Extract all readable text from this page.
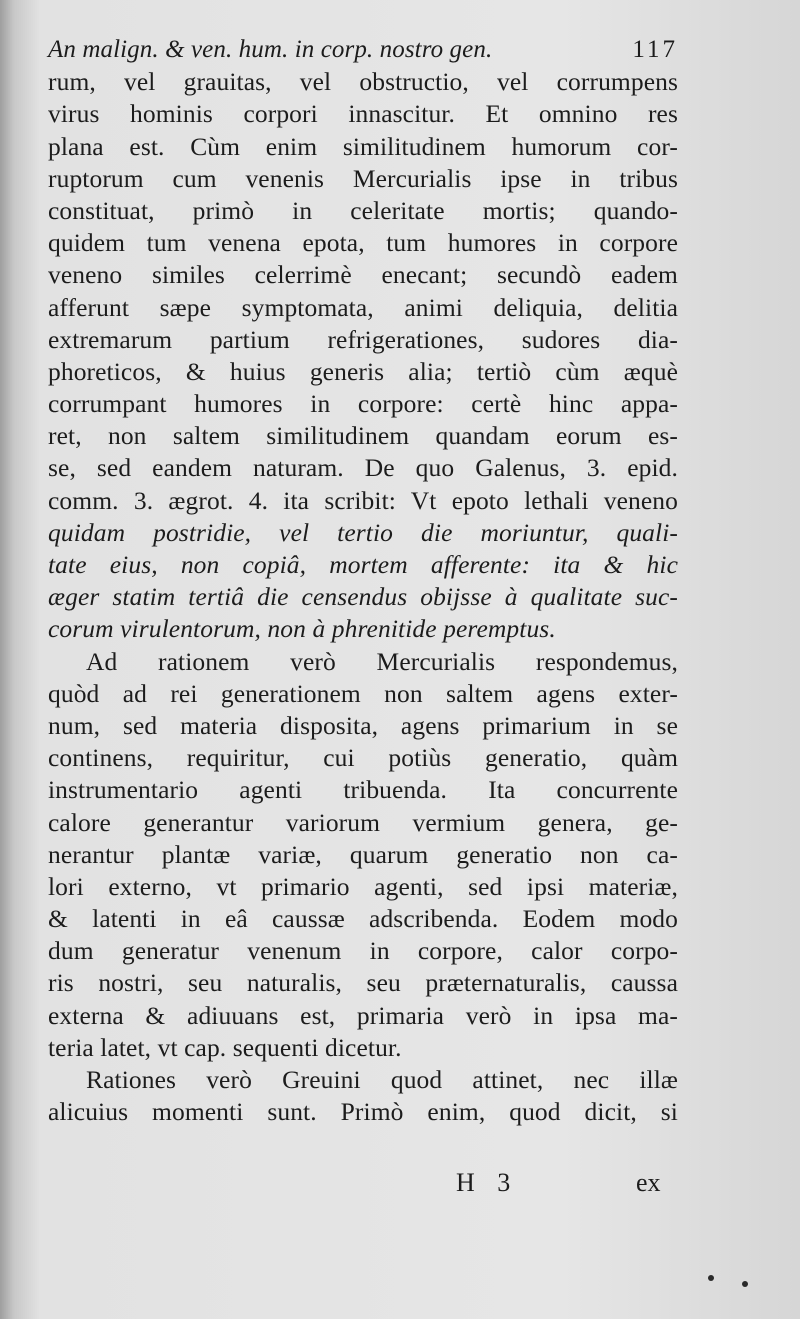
An malign. & ven. hum. in corp. nostro gen.	117
rum, vel grauitas, vel obstructio, vel corrumpens
virus hominis corpori innascitur. Et omnino res
plana est. Cùm enim similitudinem humorum cor-
ruptorum cum venenis Mercurialis ipse in tribus
constituat, primò in celeritate mortis; quando-
quidem tum venena epota, tum humores in corpore
veneno similes celerrimè enecant; secundò eadem
afferunt sæpe symptomata, animi deliquia, delitia
extremarum partium refrigerationes, sudores dia-
phoreticos, & huius generis alia; tertiò cùm æquè
corrumpant humores in corpore: certè hinc appa-
ret, non saltem similitudinem quandam eorum es-
se, sed eandem naturam. De quo Galenus, 3. epid.
comm. 3. ægrot. 4. ita scribit: Vt epoto lethali veneno
quidam postridie, vel tertio die moriuntur, quali-
tate eius, non copiâ, mortem afferente: ita & hic
æger statim tertiâ die censendus obijsse à qualitate suc-
corum virulentorum, non à phrenitide peremptus.
Ad rationem verò Mercurialis respondemus,
quòd ad rei generationem non saltem agens exter-
num, sed materia disposita, agens primarium in se
continens, requiritur, cui potiùs generatio, quàm
instrumentario agenti tribuenda. Ita concurrente
calore generantur variorum vermium genera, ge-
nerantur plantæ variæ, quarum generatio non ca-
lori externo, vt primario agenti, sed ipsi materiæ,
& latenti in eâ caussæ adscribenda. Eodem modo
dum generatur venenum in corpore, calor corpo-
ris nostri, seu naturalis, seu præternaturalis, caussa
externa & adiuuans est, primaria verò in ipsa ma-
teria latet, vt cap. sequenti dicetur.
Rationes verò Greuini quod attinet, nec illæ
alicuius momenti sunt. Primò enim, quod dicit, si
H 3	ex
